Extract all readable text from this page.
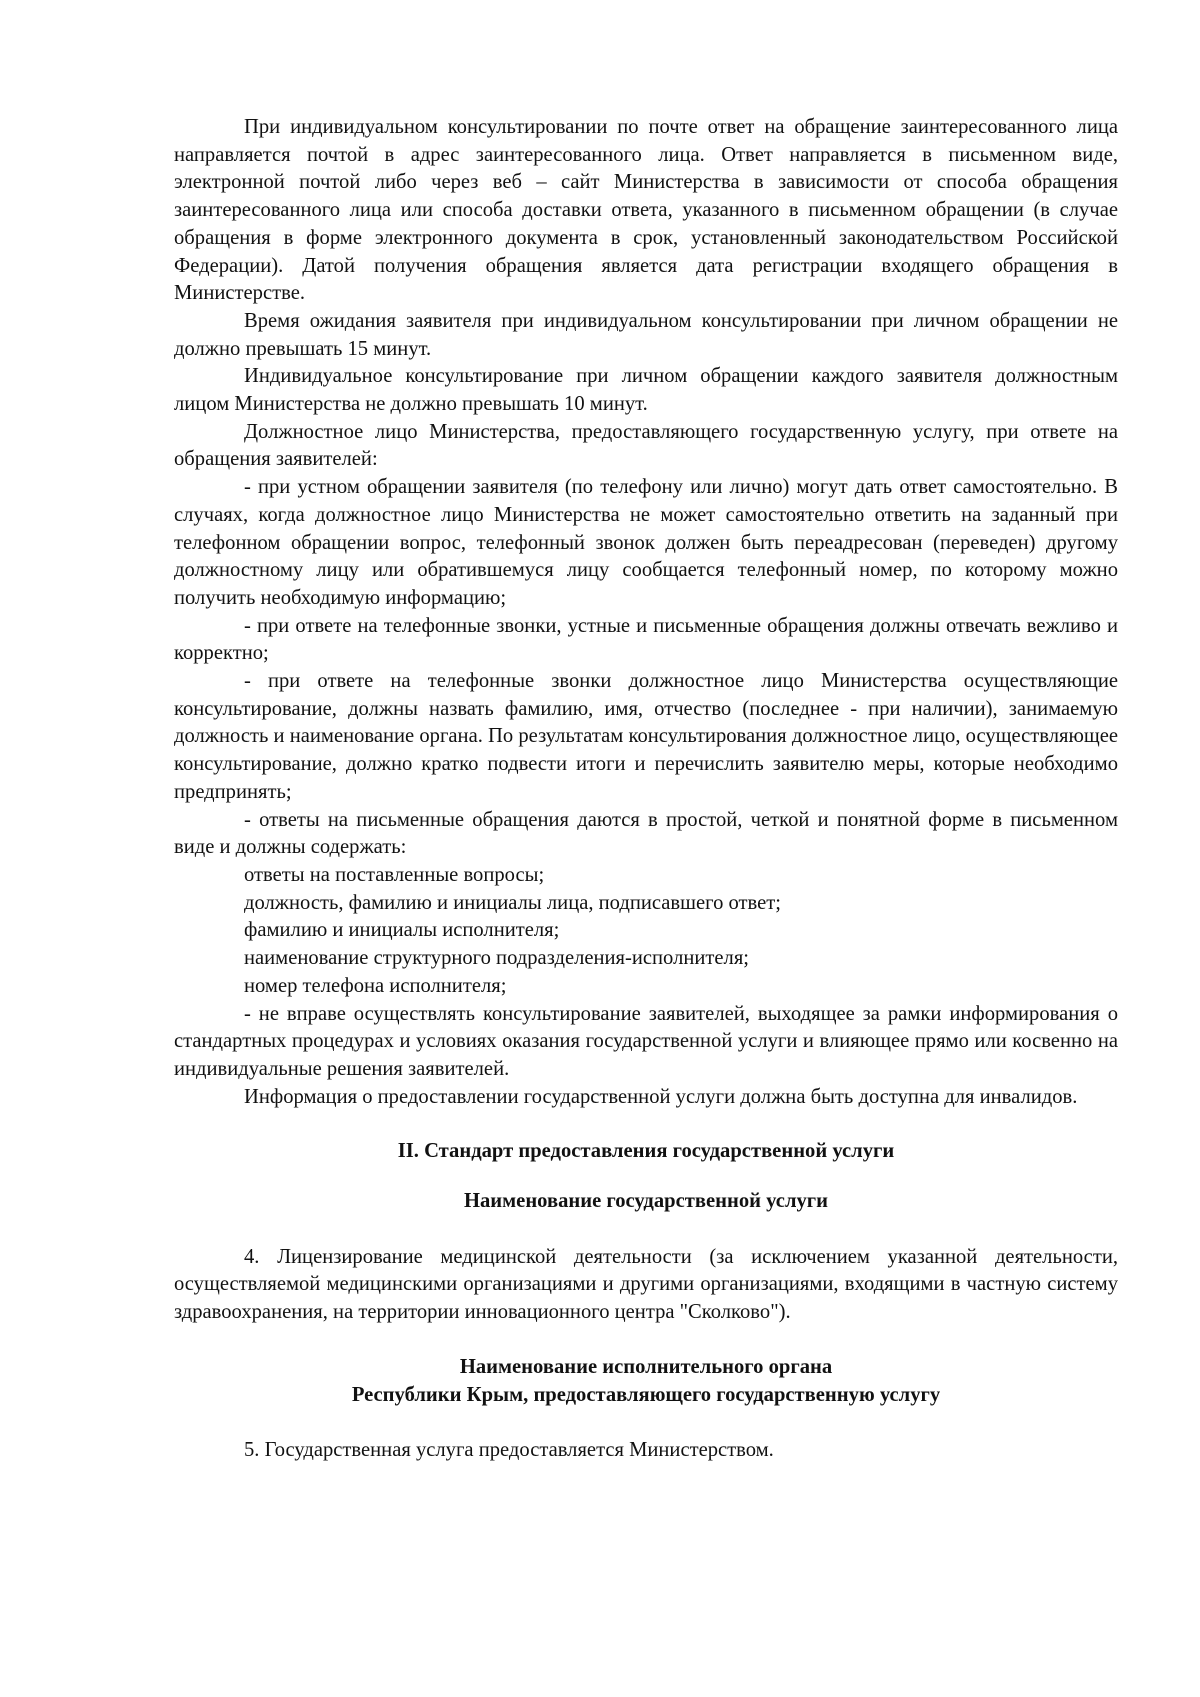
При индивидуальном консультировании по почте ответ на обращение заинтересованного лица направляется почтой в адрес заинтересованного лица. Ответ направляется в письменном виде, электронной почтой либо через веб – сайт Министерства в зависимости от способа обращения заинтересованного лица или способа доставки ответа, указанного в письменном обращении (в случае обращения в форме электронного документа в срок, установленный законодательством Российской Федерации). Датой получения обращения является дата регистрации входящего обращения в Министерстве.

Время ожидания заявителя при индивидуальном консультировании при личном обращении не должно превышать 15 минут.

Индивидуальное консультирование при личном обращении каждого заявителя должностным лицом Министерства не должно превышать 10 минут.

Должностное лицо Министерства, предоставляющего государственную услугу, при ответе на обращения заявителей:

- при устном обращении заявителя (по телефону или лично) могут дать ответ самостоятельно. В случаях, когда должностное лицо Министерства не может самостоятельно ответить на заданный при телефонном обращении вопрос, телефонный звонок должен быть переадресован (переведен) другому должностному лицу или обратившемуся лицу сообщается телефонный номер, по которому можно получить необходимую информацию;

- при ответе на телефонные звонки, устные и письменные обращения должны отвечать вежливо и корректно;

- при ответе на телефонные звонки должностное лицо Министерства осуществляющие консультирование, должны назвать фамилию, имя, отчество (последнее - при наличии), занимаемую должность и наименование органа. По результатам консультирования должностное лицо, осуществляющее консультирование, должно кратко подвести итоги и перечислить заявителю меры, которые необходимо предпринять;

- ответы на письменные обращения даются в простой, четкой и понятной форме в письменном виде и должны содержать:

ответы на поставленные вопросы;

должность, фамилию и инициалы лица, подписавшего ответ;

фамилию и инициалы исполнителя;

наименование структурного подразделения-исполнителя;

номер телефона исполнителя;

- не вправе осуществлять консультирование заявителей, выходящее за рамки информирования о стандартных процедурах и условиях оказания государственной услуги и влияющее прямо или косвенно на индивидуальные решения заявителей.

Информация о предоставлении государственной услуги должна быть доступна для инвалидов.

II. Стандарт предоставления государственной услуги
Наименование государственной услуги

4. Лицензирование медицинской деятельности (за исключением указанной деятельности, осуществляемой медицинскими организациями и другими организациями, входящими в частную систему здравоохранения, на территории инновационного центра "Сколково").

Наименование исполнительного органа
Республики Крым, предоставляющего государственную услугу

5. Государственная услуга предоставляется Министерством.
